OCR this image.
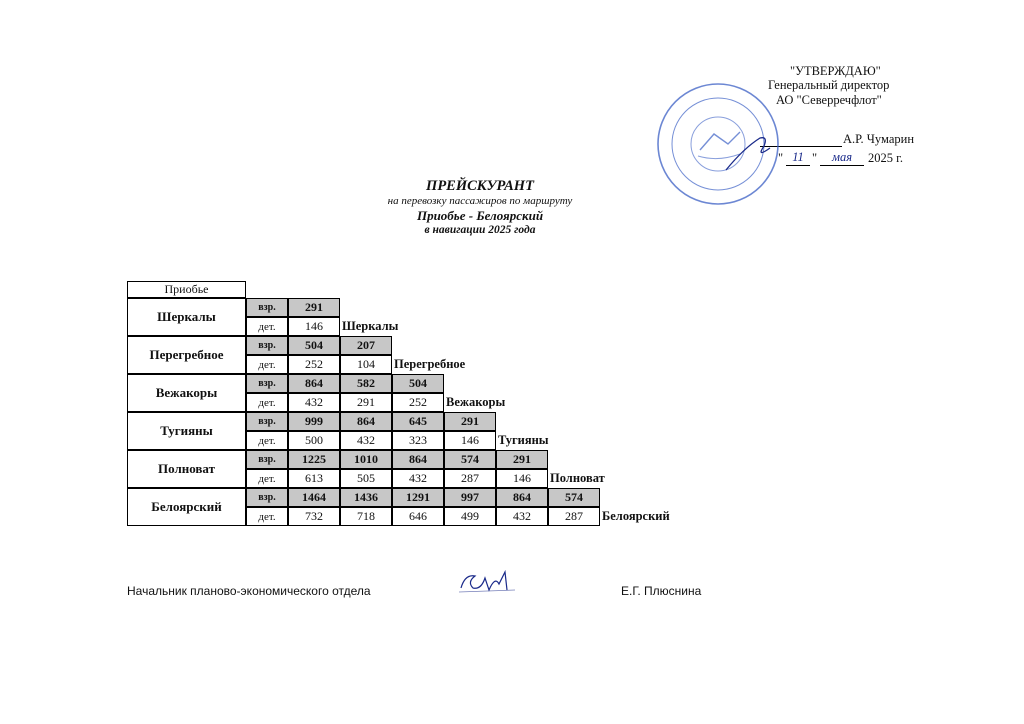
"УТВЕРЖДАЮ"
Генеральный директор
АО "Северречфлот"
А.Р. Чумарин
" 11 "	мая	2025 г.
ПРЕЙСКУРАНТ
на перевозку пассажиров по маршруту
Приобье - Белоярский
в навигации 2025 года
Приобье
Шеркалы
взр.	291
дет.	146	Шеркалы
Перегребное
взр.	504	207
дет.	252	104	Перегребное
Вежакоры
взр.	864	582	504
дет.	432	291	252	Вежакоры
Тугияны
взр.	999	864	645	291
дет.	500	432	323	146	Тугияны
Полноват
взр.	1225	1010	864	574	291
дет.	613	505	432	287	146	Полноват
Белоярский
взр.	1464	1436	1291	997	864	574
дет.	732	718	646	499	432	287	Белоярский
Начальник планово-экономического отдела	Е.Г. Плюснина
